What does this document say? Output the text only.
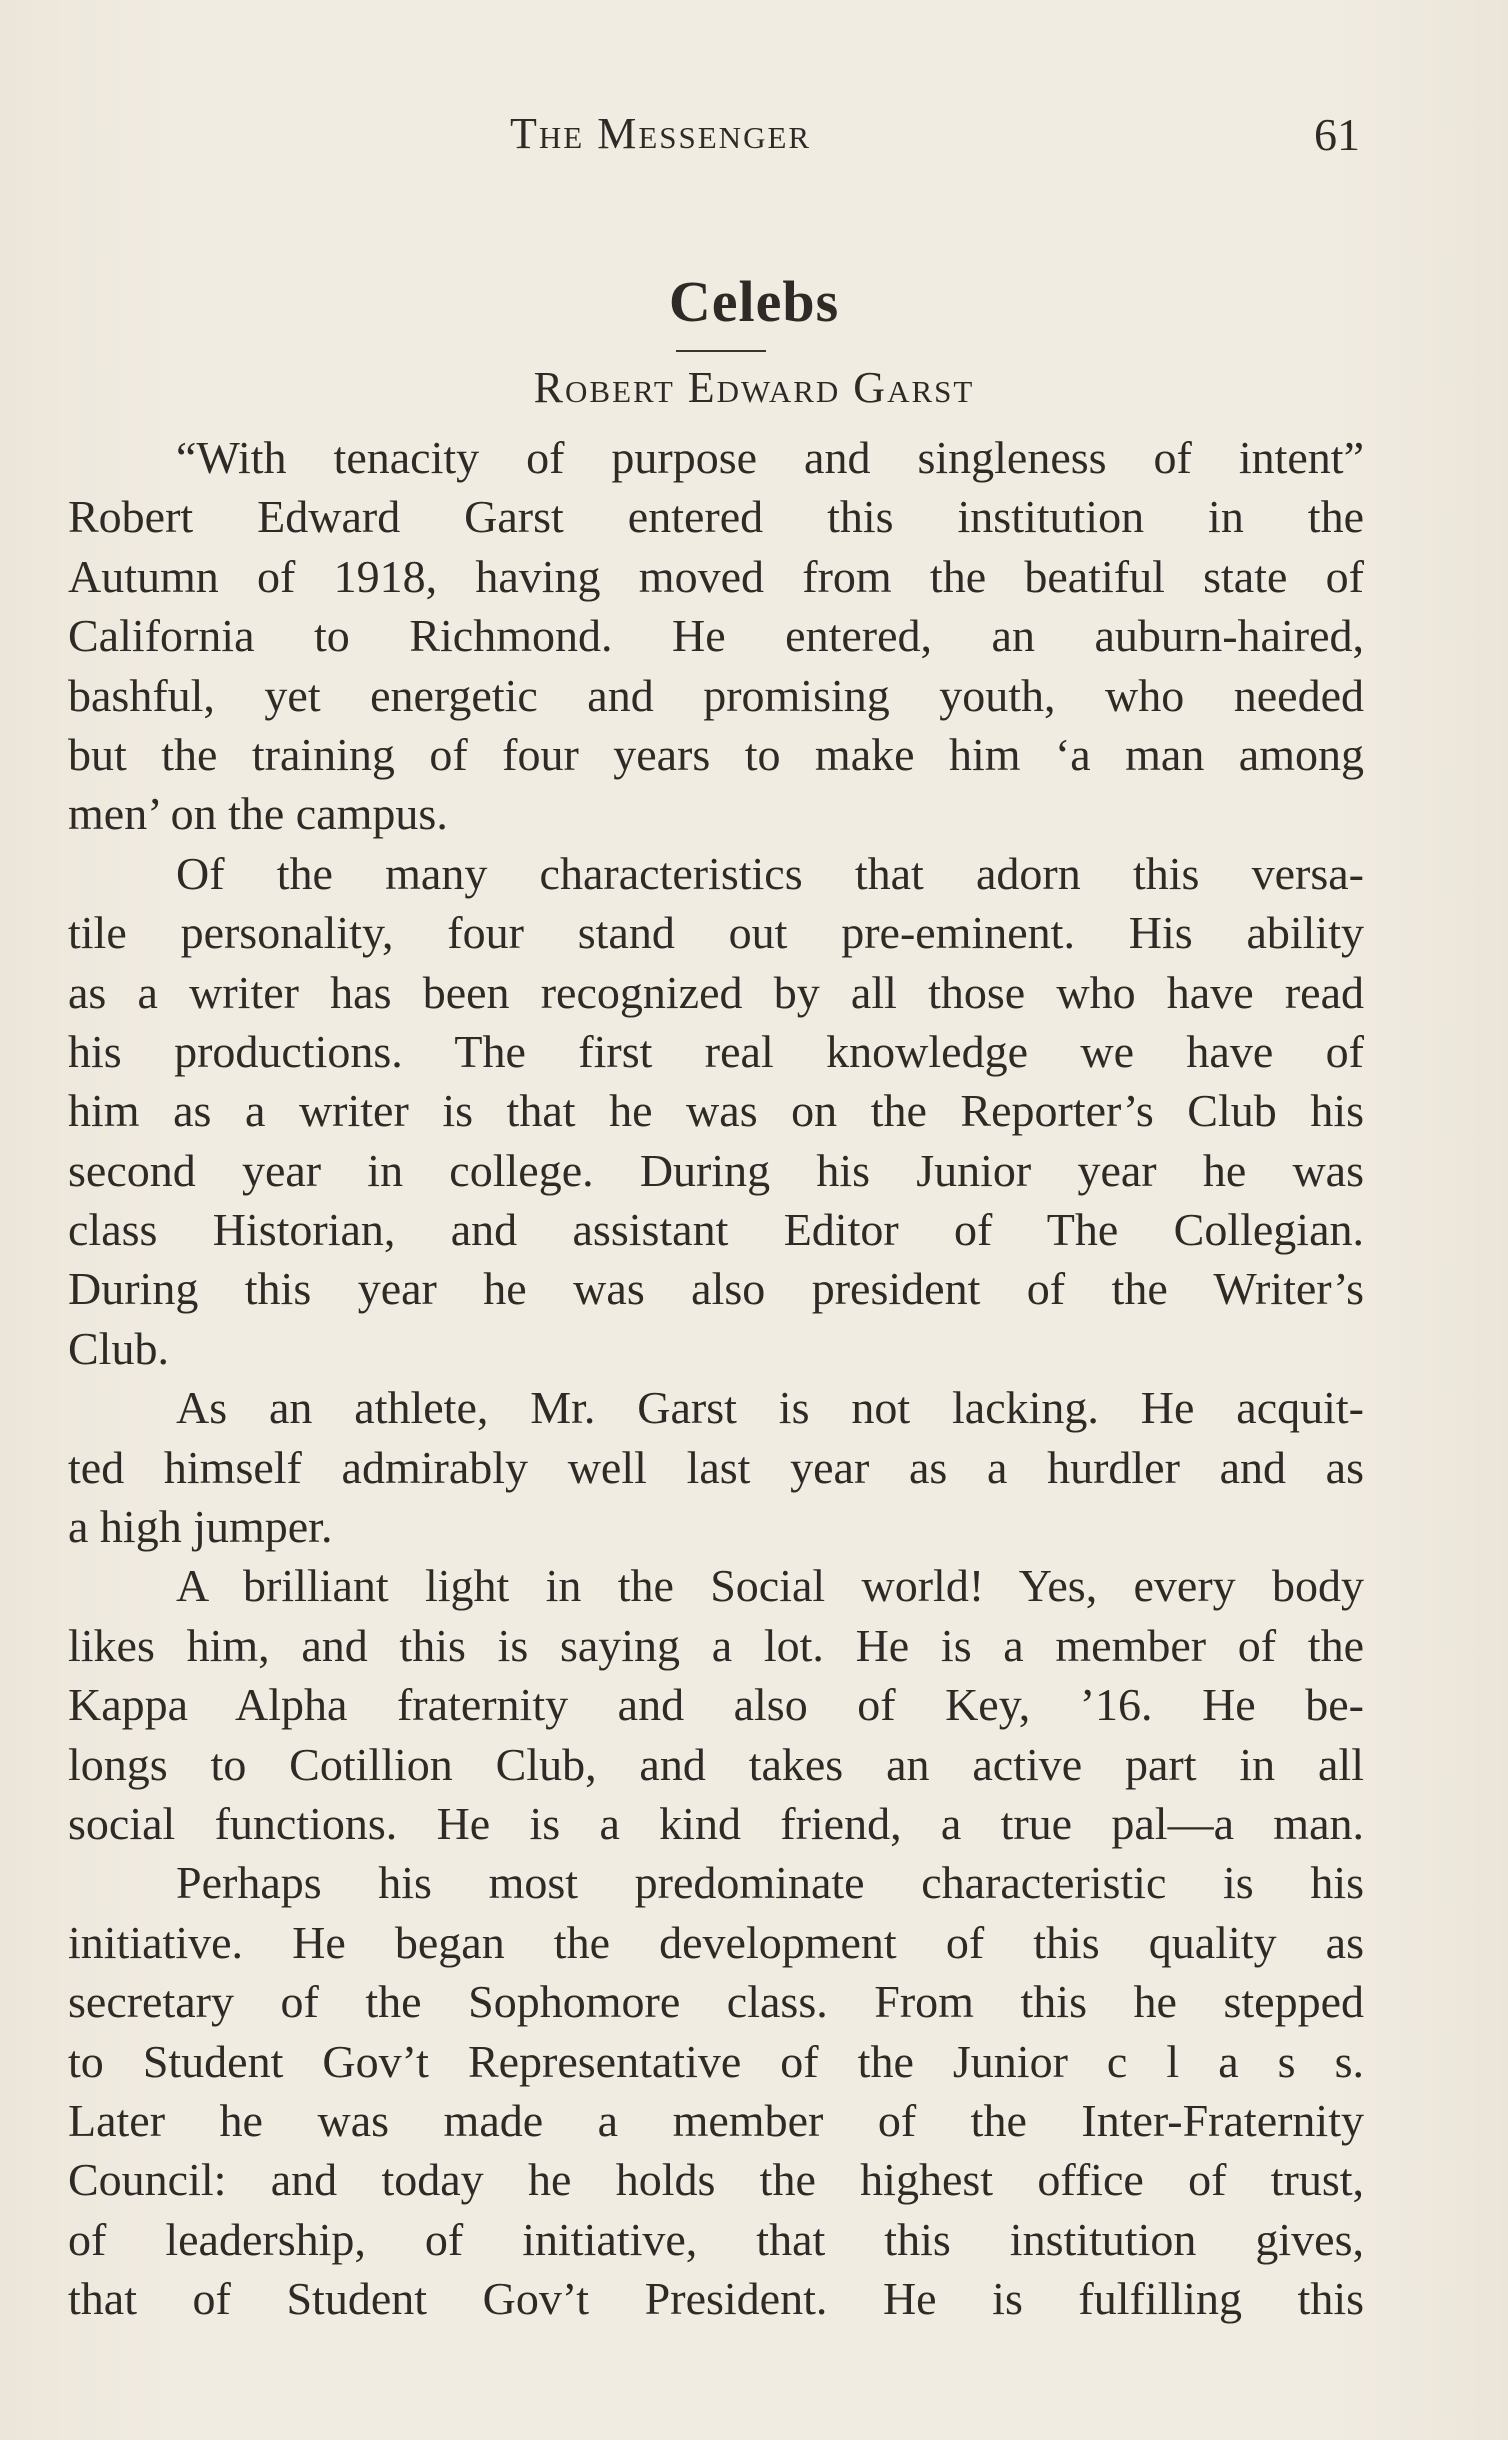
The Messenger	61
Celebs
Robert Edward Garst
“With tenacity of purpose and singleness of intent”
Robert Edward Garst entered this institution in the
Autumn of 1918, having moved from the beatiful state of
California to Richmond. He entered, an auburn-haired,
bashful, yet energetic and promising youth, who needed
but the training of four years to make him ‘a man among
men’ on the campus.
Of the many characteristics that adorn this versa-
tile personality, four stand out pre-eminent. His ability
as a writer has been recognized by all those who have read
his productions. The first real knowledge we have of
him as a writer is that he was on the Reporter’s Club his
second year in college. During his Junior year he was
class Historian, and assistant Editor of The Collegian.
During this year he was also president of the Writer’s
Club.
As an athlete, Mr. Garst is not lacking. He acquit-
ted himself admirably well last year as a hurdler and as
a high jumper.
A brilliant light in the Social world! Yes, every body
likes him, and this is saying a lot. He is a member of the
Kappa Alpha fraternity and also of Key, ’16. He be-
longs to Cotillion Club, and takes an active part in all
social functions. He is a kind friend, a true pal—a man.
Perhaps his most predominate characteristic is his
initiative. He began the development of this quality as
secretary of the Sophomore class. From this he stepped
to Student Gov’t Representative of the Junior c l a s s.
Later he was made a member of the Inter-Fraternity
Council: and today he holds the highest office of trust,
of leadership, of initiative, that this institution gives,
that of Student Gov’t President. He is fulfilling this
